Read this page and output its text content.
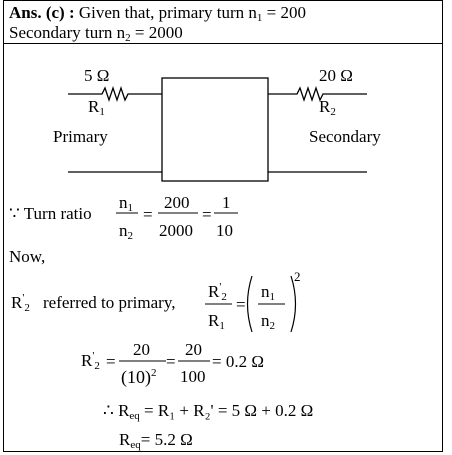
Ans. (c) : Given that, primary turn n1 = 200
Secondary turn n2 = 2000
5 Ω
R1
Primary
20 Ω
R2
Secondary
∵ Turn ratio
n1
n2
=
200
2000
=
1
10
Now,
R'2 referred to primary,
R'2
R1
=
n1
n2
2
R'2 =
20
$(10)^2$
=
20
100
= 0.2 Ω
∴ Req = R₁ + R₂' = 5 Ω + 0.2 Ω
Req= 5.2 Ω
